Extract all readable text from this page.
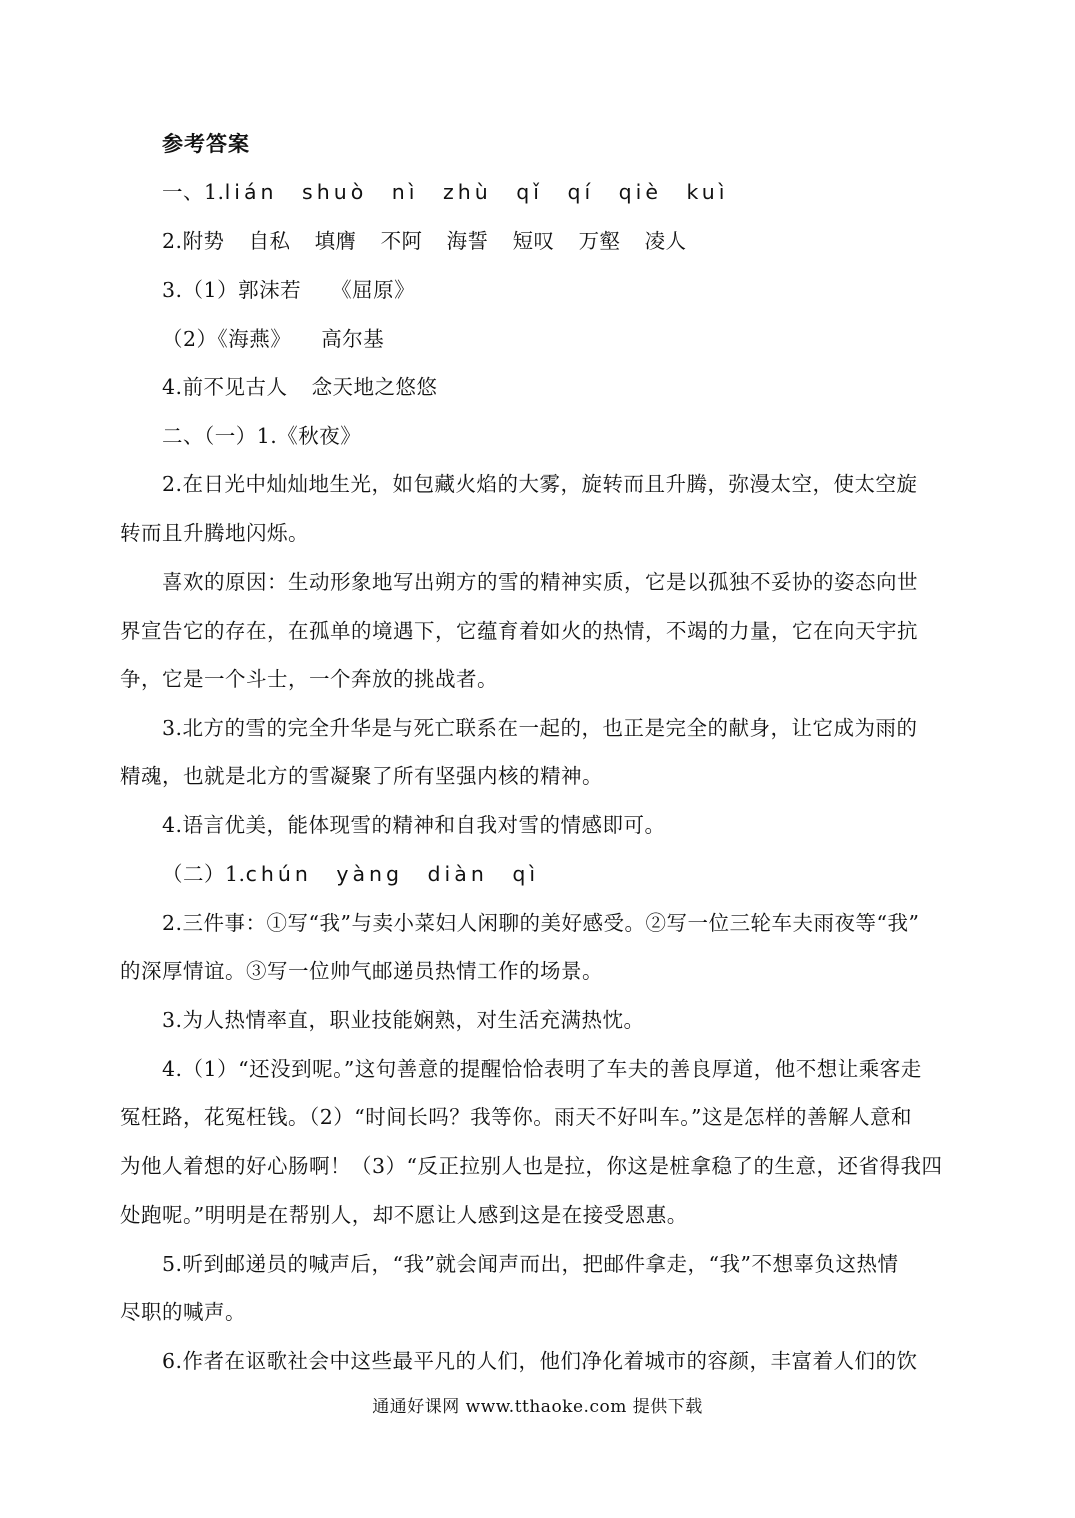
参考答案
一、1.lián shuò nì zhù qǐ qí qiè kuì
2.附势 自私 填膺 不阿 海誓 短叹 万壑 凌人
3.（1）郭沫若 《屈原》
（2）《海燕》 高尔基
4.前不见古人 念天地之悠悠
二、（一）1.《秋夜》
2.在日光中灿灿地生光，如包藏火焰的大雾，旋转而且升腾，弥漫太空，使太空旋
转而且升腾地闪烁。
喜欢的原因：生动形象地写出朔方的雪的精神实质，它是以孤独不妥协的姿态向世
界宣告它的存在，在孤单的境遇下，它蕴育着如火的热情，不竭的力量，它在向天宇抗
争，它是一个斗士，一个奔放的挑战者。
3.北方的雪的完全升华是与死亡联系在一起的，也正是完全的献身，让它成为雨的
精魂，也就是北方的雪凝聚了所有坚强内核的精神。
4.语言优美，能体现雪的精神和自我对雪的情感即可。
（二）1.chún yàng diàn qì
2.三件事：①写“我”与卖小菜妇人闲聊的美好感受。②写一位三轮车夫雨夜等“我”
的深厚情谊。③写一位帅气邮递员热情工作的场景。
3.为人热情率直，职业技能娴熟，对生活充满热忱。
4.（1）“还没到呢。”这句善意的提醒恰恰表明了车夫的善良厚道，他不想让乘客走
冤枉路，花冤枉钱。（2）“时间长吗？我等你。雨天不好叫车。”这是怎样的善解人意和
为他人着想的好心肠啊！（3）“反正拉别人也是拉，你这是桩拿稳了的生意，还省得我四
处跑呢。”明明是在帮别人，却不愿让人感到这是在接受恩惠。
5.听到邮递员的喊声后，“我”就会闻声而出，把邮件拿走，“我”不想辜负这热情
尽职的喊声。
6.作者在讴歌社会中这些最平凡的人们，他们净化着城市的容颜，丰富着人们的饮
通通好课网 www.tthaoke.com 提供下载
